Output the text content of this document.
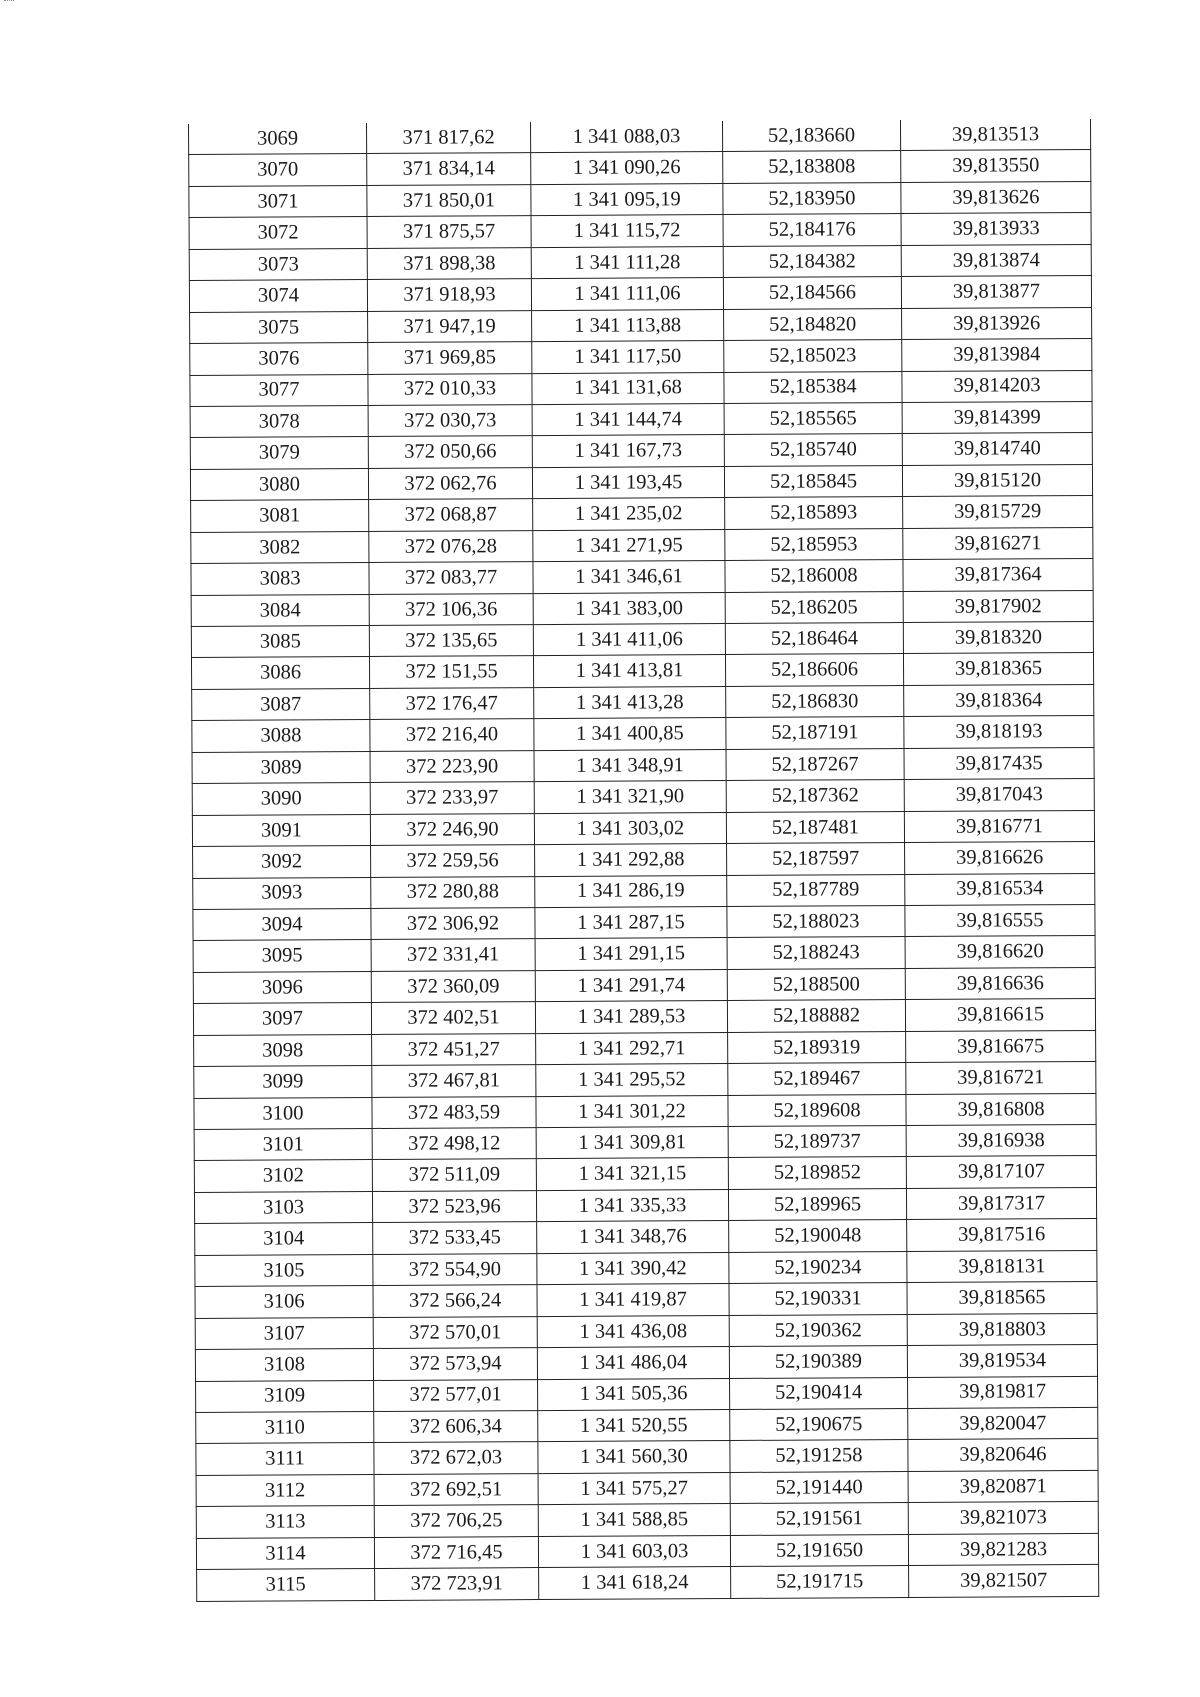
3069	371 817,62	1 341 088,03	52,183660	39,813513
3070	371 834,14	1 341 090,26	52,183808	39,813550
3071	371 850,01	1 341 095,19	52,183950	39,813626
3072	371 875,57	1 341 115,72	52,184176	39,813933
3073	371 898,38	1 341 111,28	52,184382	39,813874
3074	371 918,93	1 341 111,06	52,184566	39,813877
3075	371 947,19	1 341 113,88	52,184820	39,813926
3076	371 969,85	1 341 117,50	52,185023	39,813984
3077	372 010,33	1 341 131,68	52,185384	39,814203
3078	372 030,73	1 341 144,74	52,185565	39,814399
3079	372 050,66	1 341 167,73	52,185740	39,814740
3080	372 062,76	1 341 193,45	52,185845	39,815120
3081	372 068,87	1 341 235,02	52,185893	39,815729
3082	372 076,28	1 341 271,95	52,185953	39,816271
3083	372 083,77	1 341 346,61	52,186008	39,817364
3084	372 106,36	1 341 383,00	52,186205	39,817902
3085	372 135,65	1 341 411,06	52,186464	39,818320
3086	372 151,55	1 341 413,81	52,186606	39,818365
3087	372 176,47	1 341 413,28	52,186830	39,818364
3088	372 216,40	1 341 400,85	52,187191	39,818193
3089	372 223,90	1 341 348,91	52,187267	39,817435
3090	372 233,97	1 341 321,90	52,187362	39,817043
3091	372 246,90	1 341 303,02	52,187481	39,816771
3092	372 259,56	1 341 292,88	52,187597	39,816626
3093	372 280,88	1 341 286,19	52,187789	39,816534
3094	372 306,92	1 341 287,15	52,188023	39,816555
3095	372 331,41	1 341 291,15	52,188243	39,816620
3096	372 360,09	1 341 291,74	52,188500	39,816636
3097	372 402,51	1 341 289,53	52,188882	39,816615
3098	372 451,27	1 341 292,71	52,189319	39,816675
3099	372 467,81	1 341 295,52	52,189467	39,816721
3100	372 483,59	1 341 301,22	52,189608	39,816808
3101	372 498,12	1 341 309,81	52,189737	39,816938
3102	372 511,09	1 341 321,15	52,189852	39,817107
3103	372 523,96	1 341 335,33	52,189965	39,817317
3104	372 533,45	1 341 348,76	52,190048	39,817516
3105	372 554,90	1 341 390,42	52,190234	39,818131
3106	372 566,24	1 341 419,87	52,190331	39,818565
3107	372 570,01	1 341 436,08	52,190362	39,818803
3108	372 573,94	1 341 486,04	52,190389	39,819534
3109	372 577,01	1 341 505,36	52,190414	39,819817
3110	372 606,34	1 341 520,55	52,190675	39,820047
3111	372 672,03	1 341 560,30	52,191258	39,820646
3112	372 692,51	1 341 575,27	52,191440	39,820871
3113	372 706,25	1 341 588,85	52,191561	39,821073
3114	372 716,45	1 341 603,03	52,191650	39,821283
3115	372 723,91	1 341 618,24	52,191715	39,821507
